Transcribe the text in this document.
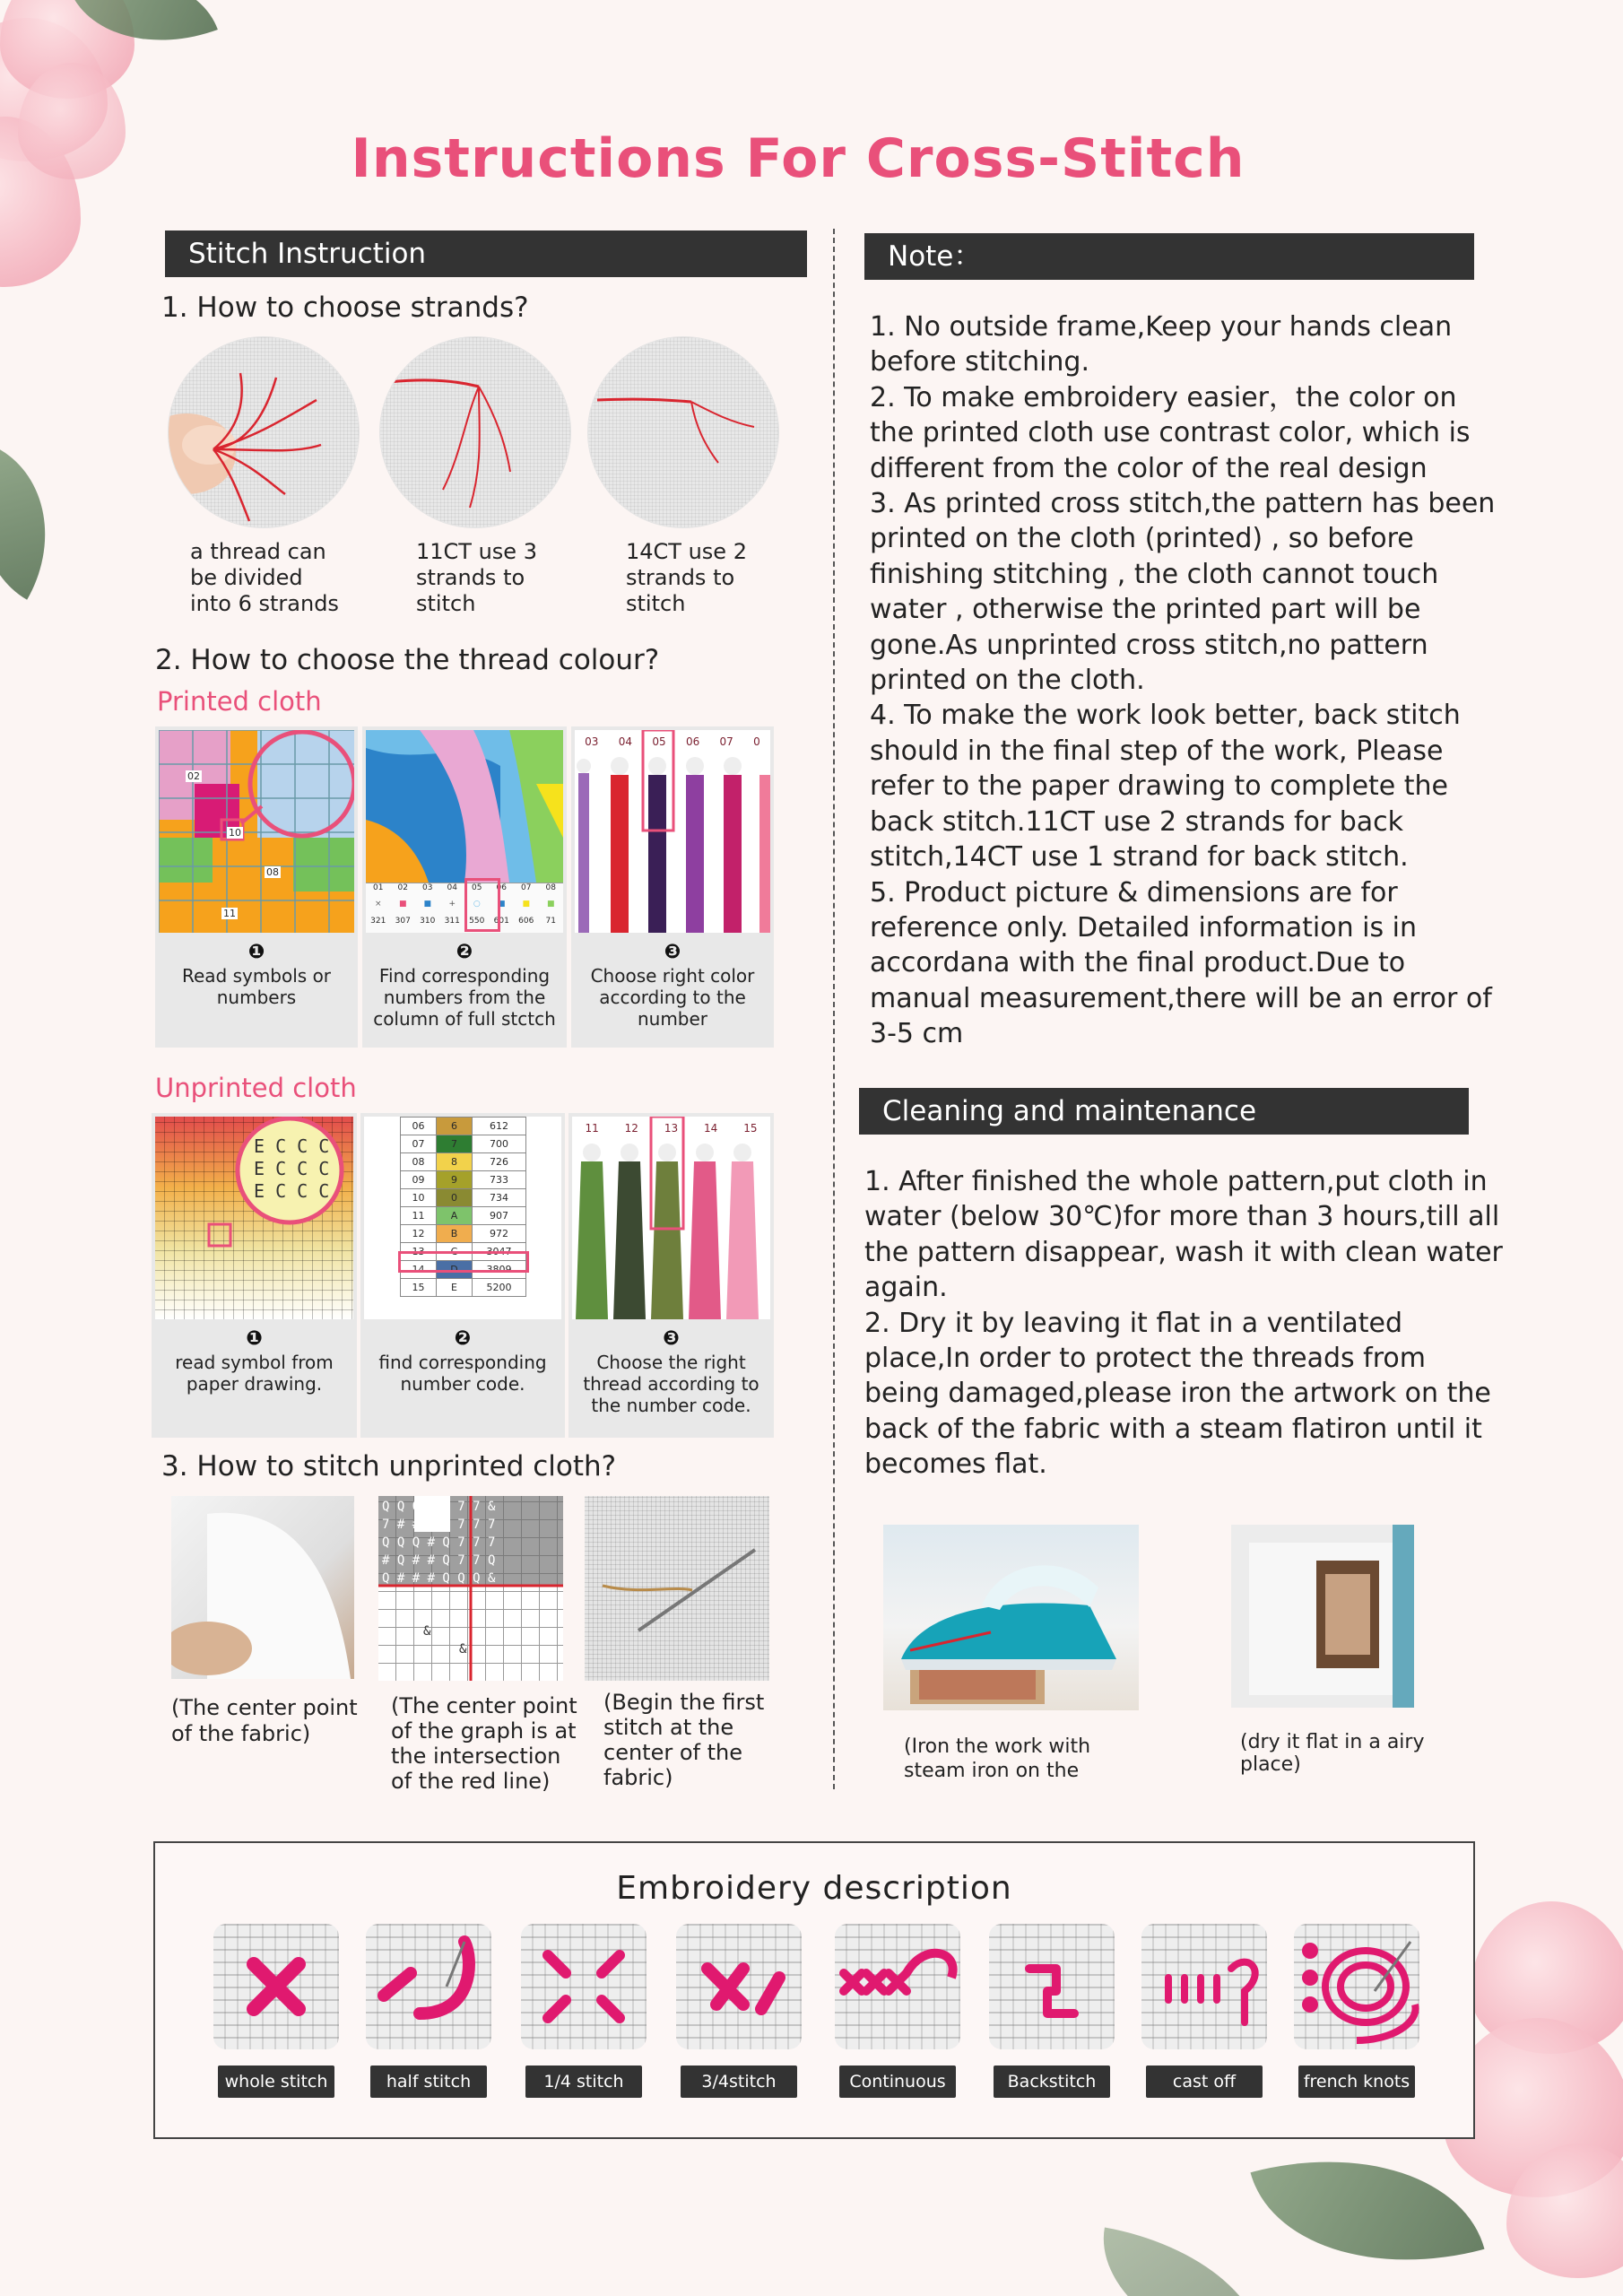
Instructions For Cross-Stitch
Stitch Instruction
1. How to choose strands?
a thread can
be divided
into 6 strands
11CT use 3
strands to
stitch
14CT use 2
strands to
stitch
2. How to choose the thread colour?
Printed cloth
02
10
08
11
❶
Read symbols or
numbers
01	02	03	04	05	06	07	08
×	■	■	+	○	■	■	■
321	307	310	311	550	601	606	71
❷
Find corresponding
numbers from the
column of full stctch
03 04 05 06 07 0
❸
Choose right color
according to the
number
Unprinted cloth
E C C C
E C C C
E C C C
❶
read symbol from
paper drawing.
06	6	612
07	7	700
08	8	726
09	9	733
10	0	734
11	A	907
12	B	972
13	C	3047
14	D	3809
15	E	5200
❷
find corresponding
number code.
11 12 13 14 15
❸
Choose the right
thread according to
the number code.
3. How to stitch unprinted cloth?
Q Q Q Q Q 7 7 &
7 # # Q Q 7 7 7
Q Q Q # Q 7 7 7
# Q # # Q 7 7 Q
Q # # # Q Q Q &
&
&
(The center point
of the fabric)
(The center point
of the graph is at
the intersection
of the red line)
(Begin the first
stitch at the
center of the
fabric)
Note：

1. No outside frame,Keep your hands clean before stitching.

2. To make embroidery easier，the color on the printed cloth use contrast color, which is different from the color of the real design

3. As printed cross stitch,the pattern has been printed on the cloth (printed) , so before finishing stitching , the cloth cannot touch water , otherwise the printed part will be gone.As unprinted cross stitch,no pattern printed on the cloth.

4. To make the work look better, back stitch should in the final step of the work, Please refer to the paper drawing to complete the back stitch.11CT use 2 strands for back stitch,14CT use 1 strand for back stitch.

5. Product picture & dimensions are for reference only. Detailed information is in accordana with the final product.Due to manual measurement,there will be an error of 3-5 cm

Cleaning and maintenance

1. After finished the whole pattern,put cloth in water (below 30℃)for more than 3 hours,till all the pattern disappear, wash it with clean water again.

2. Dry it by leaving it flat in a ventilated place,In order to protect the threads from being damaged,please iron the artwork on the back of the fabric with a steam flatiron until it becomes flat.

(Iron the work with
steam iron on the
(dry it flat in a airy
place)
Embroidery description
whole stitch	half stitch	1/4 stitch	3/4stitch	Continuous	Backstitch	cast off	french knots
